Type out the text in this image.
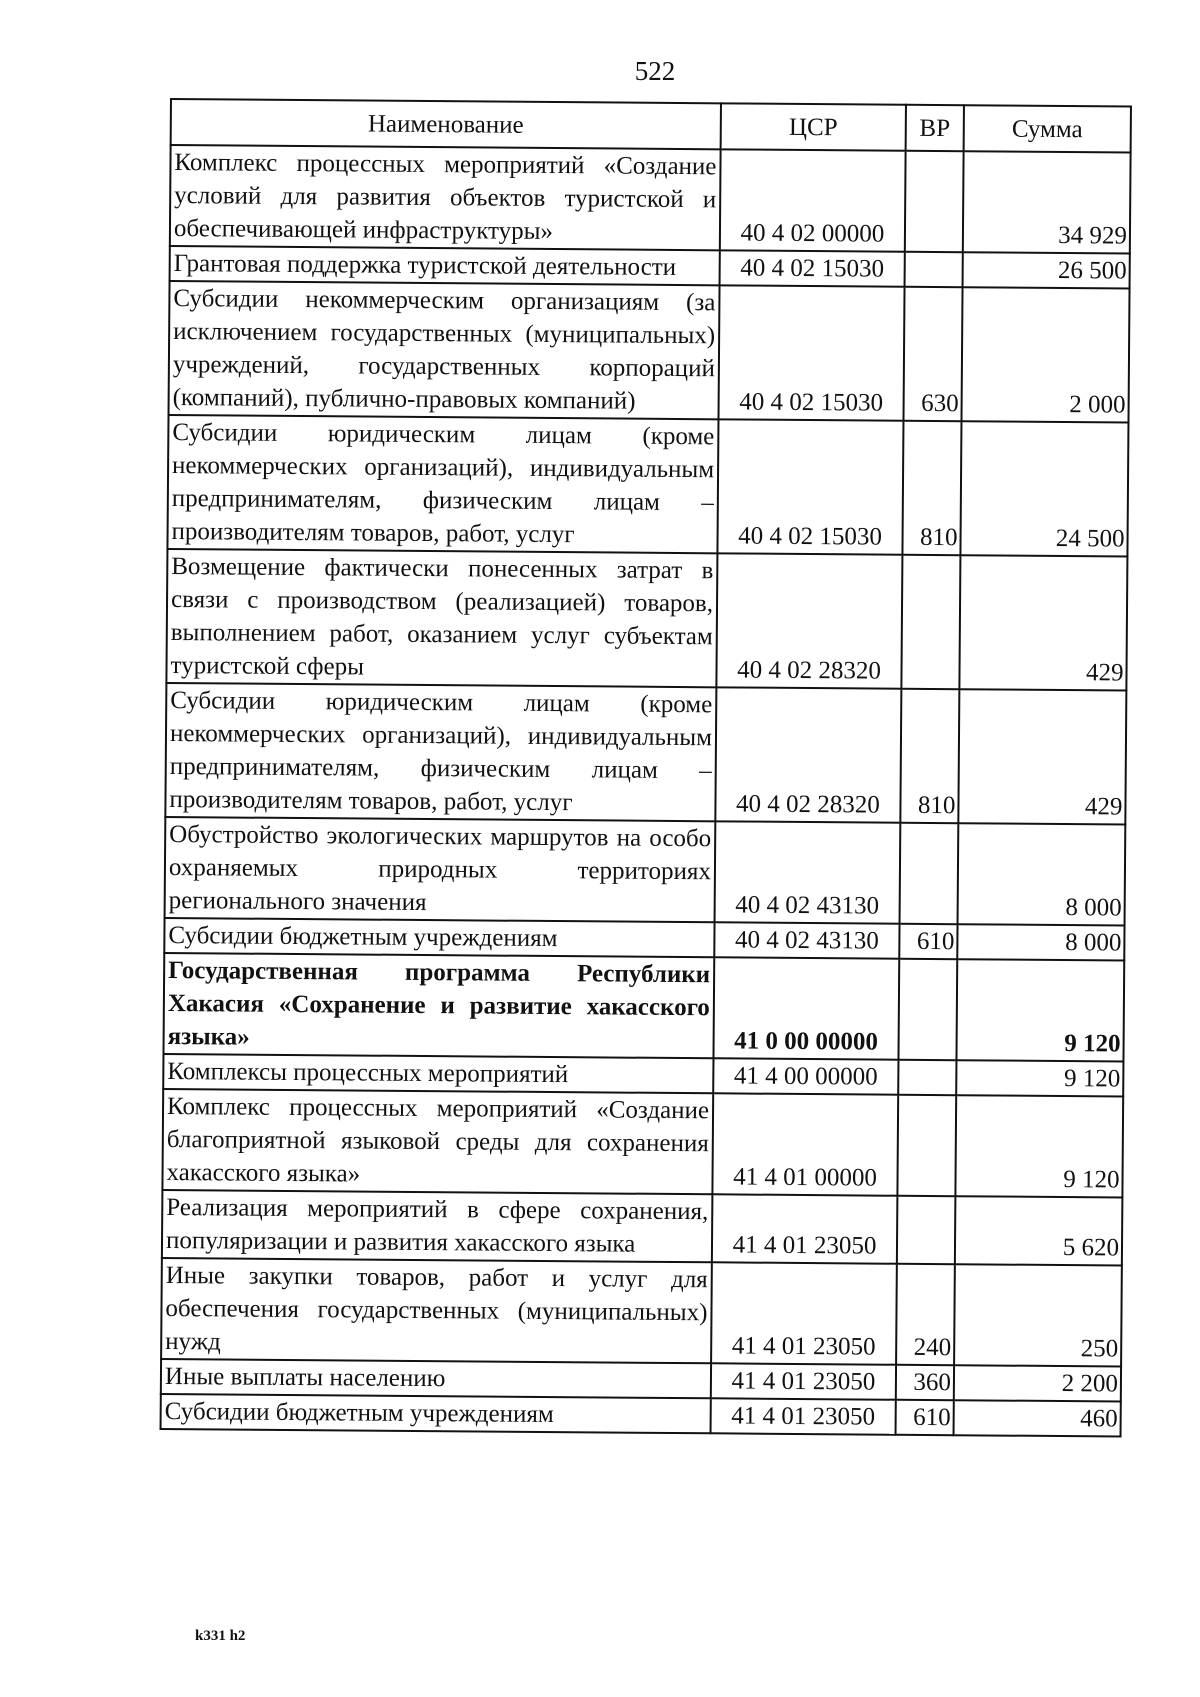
522
Наименование	ЦСР	ВР	Сумма
Комплекс процессных мероприятий «Создание условий для развития объектов туристской и обеспечивающей инфраструктуры»	40 4 02 00000		34 929
Грантовая поддержка туристской деятельности	40 4 02 15030		26 500
Субсидии некоммерческим организациям (за исключением государственных (муниципальных) учреждений, государственных корпораций (компаний), публично-правовых компаний)	40 4 02 15030	630	2 000
Субсидии юридическим лицам (кроме некоммерческих организаций), индивидуальным предпринимателям, физическим лицам – производителям товаров, работ, услуг	40 4 02 15030	810	24 500
Возмещение фактически понесенных затрат в связи с производством (реализацией) товаров, выполнением работ, оказанием услуг субъектам туристской сферы	40 4 02 28320		429
Субсидии юридическим лицам (кроме некоммерческих организаций), индивидуальным предпринимателям, физическим лицам – производителям товаров, работ, услуг	40 4 02 28320	810	429
Обустройство экологических маршрутов на особо охраняемых природных территориях регионального значения	40 4 02 43130		8 000
Субсидии бюджетным учреждениям	40 4 02 43130	610	8 000
Государственная программа Республики Хакасия «Сохранение и развитие хакасского языка»	41 0 00 00000		9 120
Комплексы процессных мероприятий	41 4 00 00000		9 120
Комплекс процессных мероприятий «Создание благоприятной языковой среды для сохранения хакасского языка»	41 4 01 00000		9 120
Реализация мероприятий в сфере сохранения, популяризации и развития хакасского языка	41 4 01 23050		5 620
Иные закупки товаров, работ и услуг для обеспечения государственных (муниципальных) нужд	41 4 01 23050	240	250
Иные выплаты населению	41 4 01 23050	360	2 200
Субсидии бюджетным учреждениям	41 4 01 23050	610	460
k331 h2
